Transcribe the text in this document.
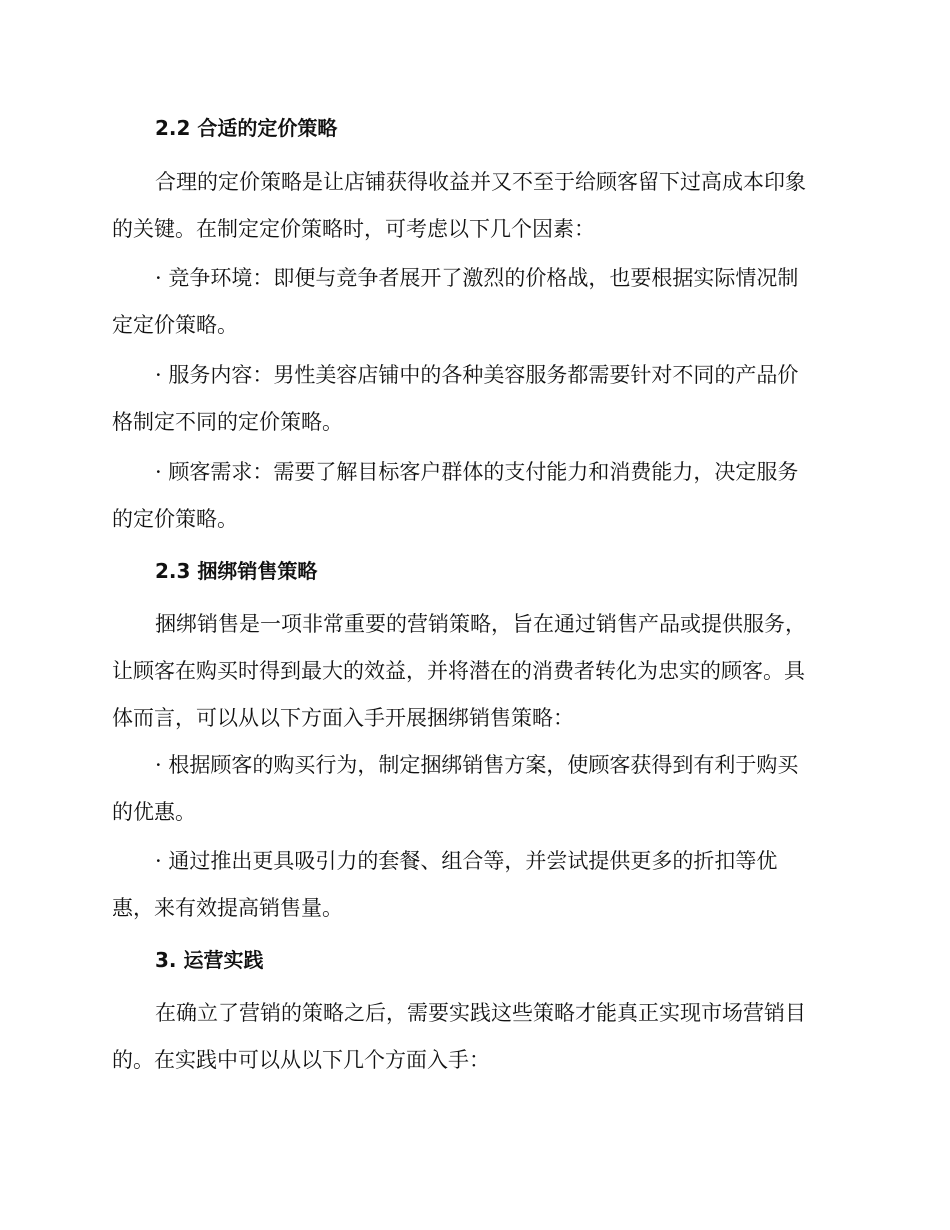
2.2 合适的定价策略

合理的定价策略是让店铺获得收益并又不至于给顾客留下过高成本印象
的关键。在制定定价策略时，可考虑以下几个因素：

· 竞争环境：即便与竞争者展开了激烈的价格战，也要根据实际情况制
定定价策略。

· 服务内容：男性美容店铺中的各种美容服务都需要针对不同的产品价
格制定不同的定价策略。

· 顾客需求：需要了解目标客户群体的支付能力和消费能力，决定服务
的定价策略。

2.3 捆绑销售策略

捆绑销售是一项非常重要的营销策略，旨在通过销售产品或提供服务，
让顾客在购买时得到最大的效益，并将潜在的消费者转化为忠实的顾客。具
体而言，可以从以下方面入手开展捆绑销售策略：

· 根据顾客的购买行为，制定捆绑销售方案，使顾客获得到有利于购买
的优惠。

· 通过推出更具吸引力的套餐、组合等，并尝试提供更多的折扣等优
惠，来有效提高销售量。

3. 运营实践

在确立了营销的策略之后，需要实践这些策略才能真正实现市场营销目
的。在实践中可以从以下几个方面入手：
